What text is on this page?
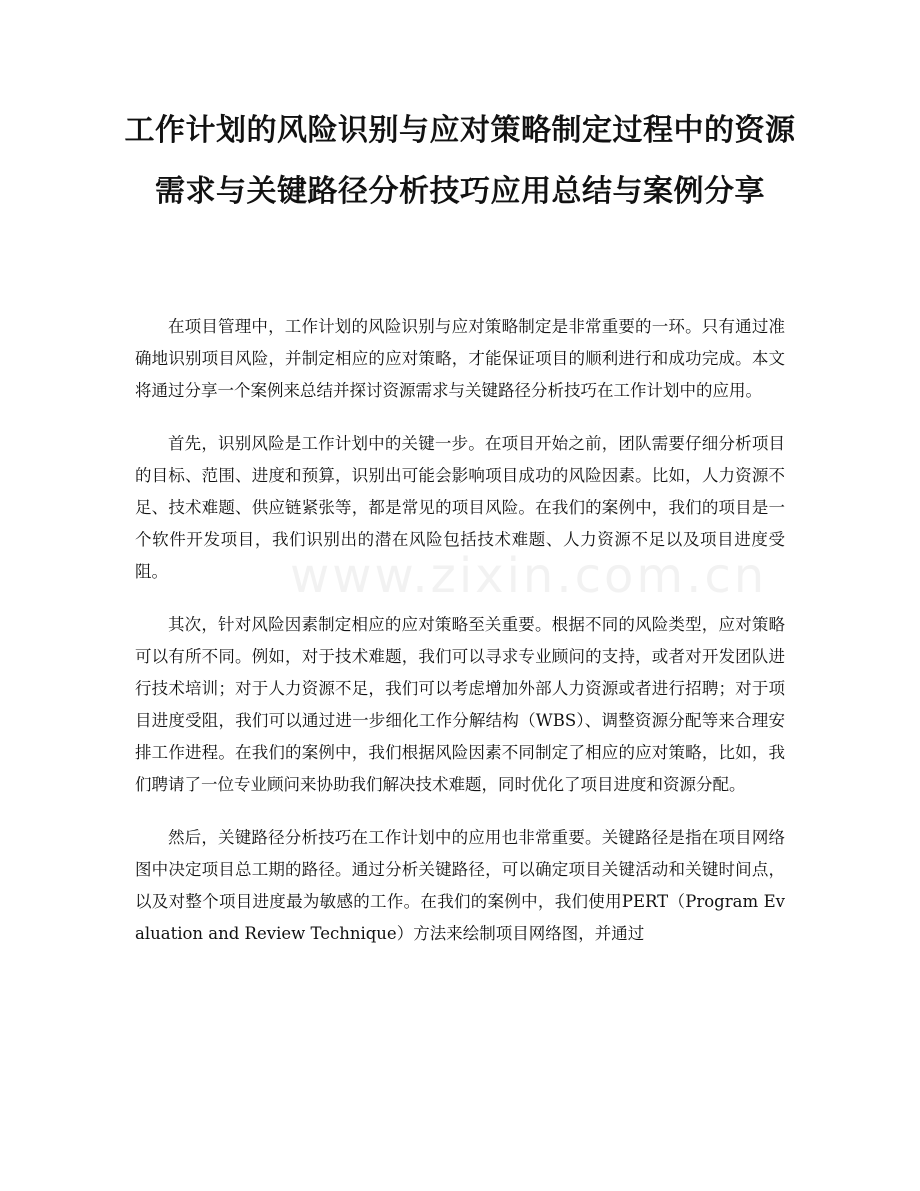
工作计划的风险识别与应对策略制定过程中的资源需求与关键路径分析技巧应用总结与案例分享
www.zixin.com.cn

在项目管理中，工作计划的风险识别与应对策略制定是非常重要的一环。只有通过准确地识别项目风险，并制定相应的应对策略，才能保证项目的顺利进行和成功完成。本文将通过分享一个案例来总结并探讨资源需求与关键路径分析技巧在工作计划中的应用。

首先，识别风险是工作计划中的关键一步。在项目开始之前，团队需要仔细分析项目的目标、范围、进度和预算，识别出可能会影响项目成功的风险因素。比如，人力资源不足、技术难题、供应链紧张等，都是常见的项目风险。在我们的案例中，我们的项目是一个软件开发项目，我们识别出的潜在风险包括技术难题、人力资源不足以及项目进度受阻。

其次，针对风险因素制定相应的应对策略至关重要。根据不同的风险类型，应对策略可以有所不同。例如，对于技术难题，我们可以寻求专业顾问的支持，或者对开发团队进行技术培训；对于人力资源不足，我们可以考虑增加外部人力资源或者进行招聘；对于项目进度受阻，我们可以通过进一步细化工作分解结构（WBS）、调整资源分配等来合理安排工作进程。在我们的案例中，我们根据风险因素不同制定了相应的应对策略，比如，我们聘请了一位专业顾问来协助我们解决技术难题，同时优化了项目进度和资源分配。

然后，关键路径分析技巧在工作计划中的应用也非常重要。关键路径是指在项目网络图中决定项目总工期的路径。通过分析关键路径，可以确定项目关键活动和关键时间点，以及对整个项目进度最为敏感的工作。在我们的案例中，我们使用PERT（Program Evaluation and Review Technique）方法来绘制项目网络图，并通过
